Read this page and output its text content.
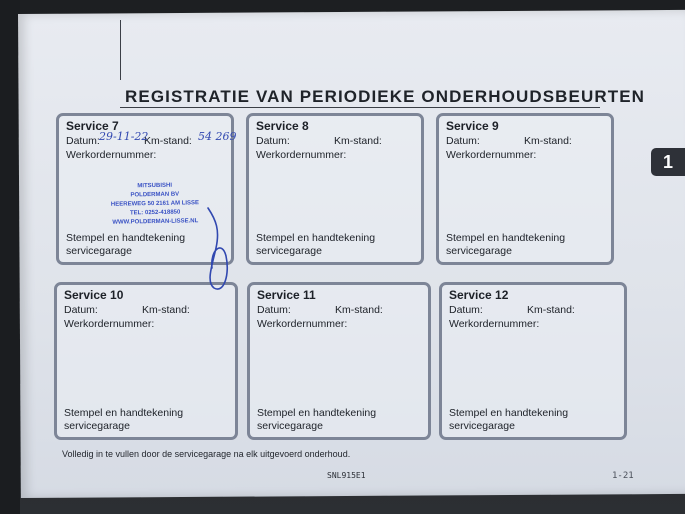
REGISTRATIE VAN PERIODIEKE ONDERHOUDSBEURTEN
Service 7
Datum:	Km-stand:
Werkordernummer:
Stempel en handtekening
servicegarage
Service 8
Datum:	Km-stand:
Werkordernummer:
Stempel en handtekening
servicegarage
Service 9
Datum:	Km-stand:
Werkordernummer:
Stempel en handtekening
servicegarage
Service 10
Datum:	Km-stand:
Werkordernummer:
Stempel en handtekening
servicegarage
Service 11
Datum:	Km-stand:
Werkordernummer:
Stempel en handtekening
servicegarage
Service 12
Datum:	Km-stand:
Werkordernummer:
Stempel en handtekening
servicegarage
29-11-22	54 269
MITSUBISHI
POLDERMAN BV
HEEREWEG 50 2161 AM LISSE
TEL: 0252-418850
WWW.POLDERMAN-LISSE.NL
1
Volledig in te vullen door de servicegarage na elk uitgevoerd onderhoud.
SNL915E1	1-21
